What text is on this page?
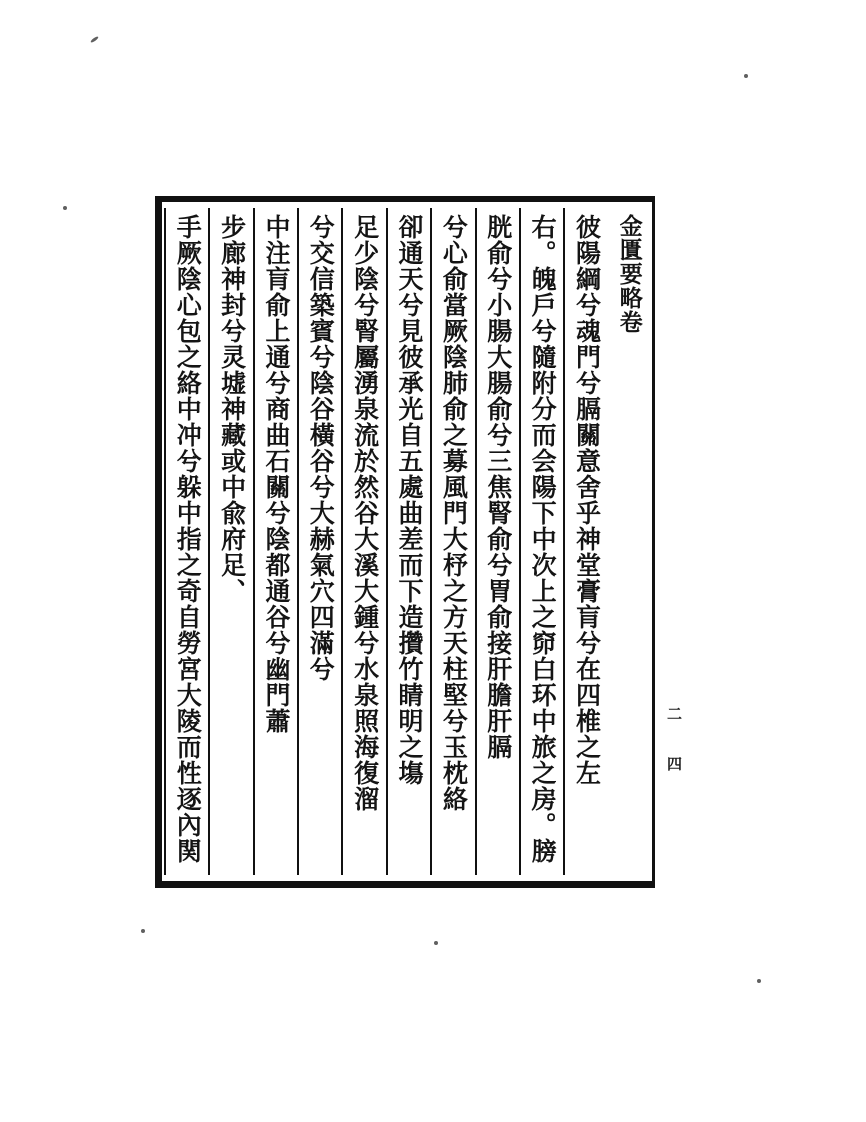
二
四
金匱要略卷
彼陽綱兮魂門兮膈關意舍乎神堂膏肓兮在四椎之左
右。魄戶兮隨附分而会陽下中次上之窌白环中旅之房。膀
胱俞兮小腸大腸俞兮三焦腎俞兮胃俞接肝膽肝膈
兮心俞當厥陰肺俞之募風門大杼之方天柱堅兮玉枕絡
卻通天兮見彼承光自五處曲差而下造攢竹睛明之塲
足少陰兮腎屬湧泉流於然谷大溪大鍾兮水泉照海復溜
兮交信築賓兮陰谷橫谷兮大赫氣穴四滿兮
中注肓俞上通兮商曲石關兮陰都通谷兮幽門蕭
步廊神封兮灵墟神藏或中兪府足、
手厥陰心包之絡中冲兮躲中指之奇自勞宮大陵而性逐內関
